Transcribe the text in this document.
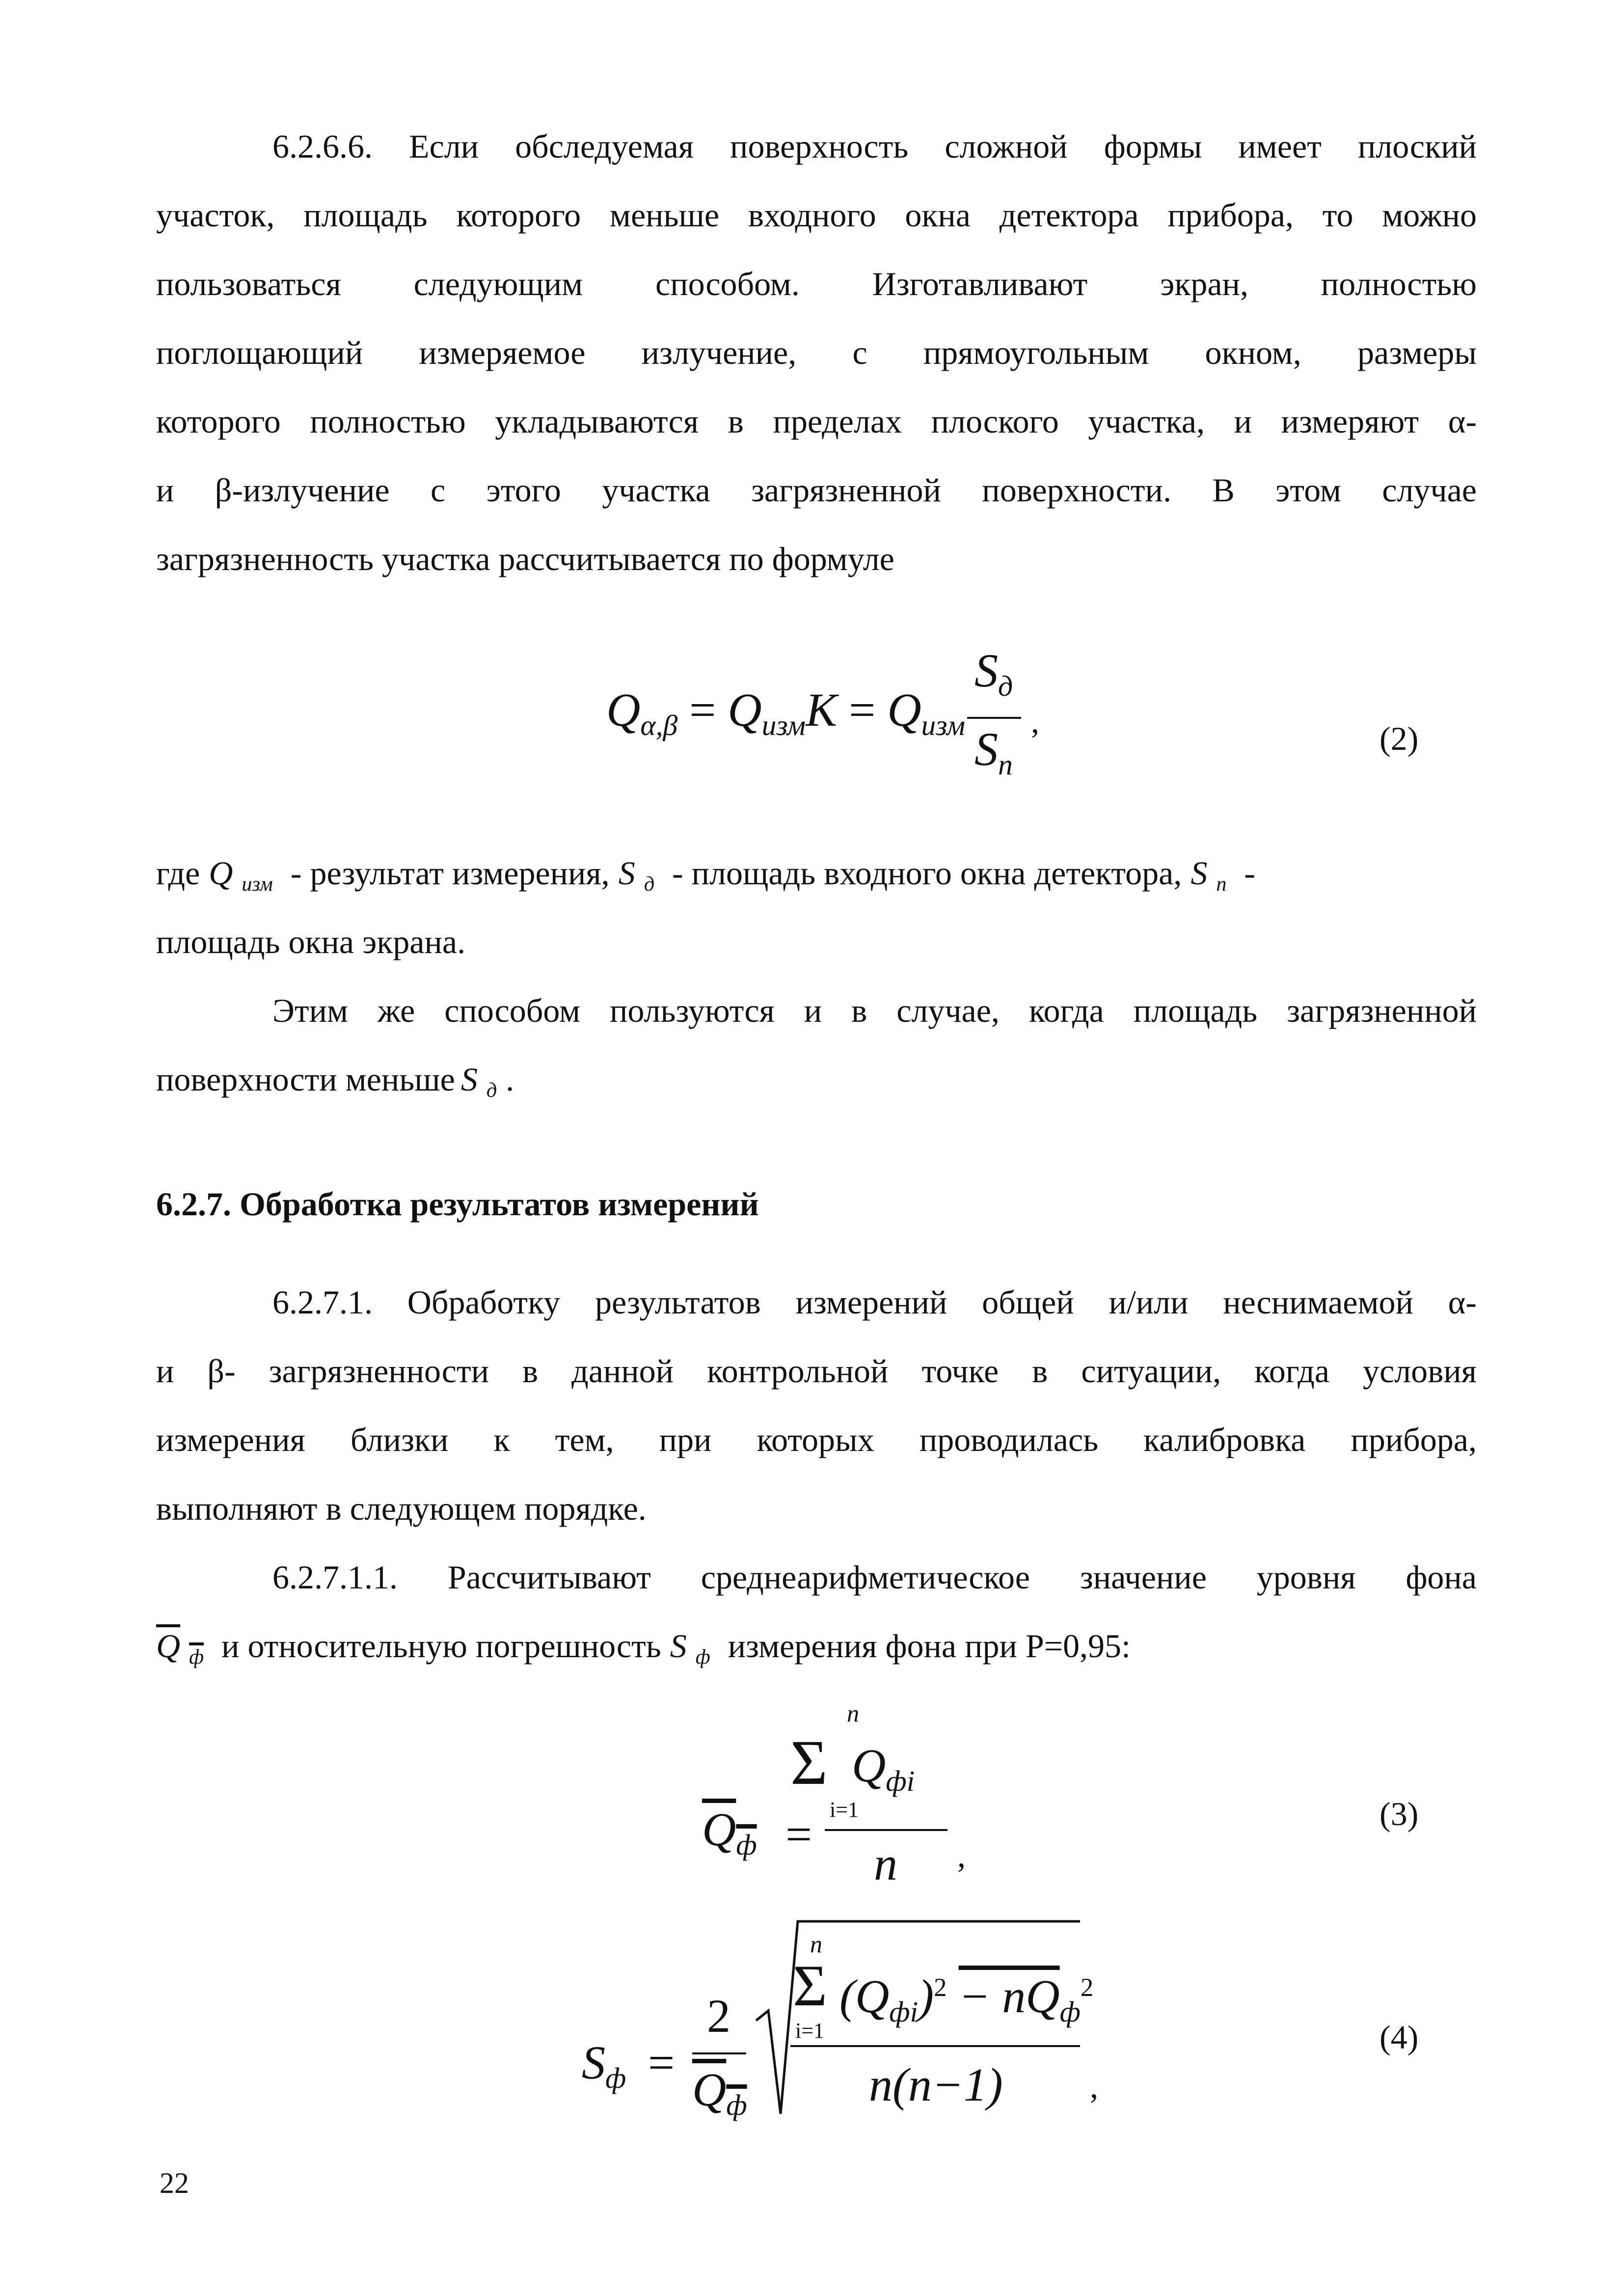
6.2.6.6. Если обследуемая поверхность сложной формы имеет плоский
участок, площадь которого меньше входного окна детектора прибора, то можно
пользоваться следующим способом. Изготавливают экран, полностью
поглощающий измеряемое излучение, с прямоугольным окном, размеры
которого полностью укладываются в пределах плоского участка, и измеряют α-
и β-излучение с этого участка загрязненной поверхности. В этом случае
загрязненность участка рассчитывается по формуле
$Q_{\alpha,\beta} = Q_{изм}K = Q_{изм}$
$S_д$
$S_п$
,	(2)
где Q $_{изм}$ - результат измерения, S $_д$ - площадь входного окна детектора, S $_п$ -
площадь окна экрана.
Этим же способом пользуются и в случае, когда площадь загрязненной
поверхности меньше S $_д$ .
6.2.7. Обработка результатов измерений
6.2.7.1. Обработку результатов измерений общей и/или неснимаемой α-
и β- загрязненности в данной контрольной точке в ситуации, когда условия
измерения близки к тем, при которых проводилась калибровка прибора,
выполняют в следующем порядке.
6.2.7.1.1. Рассчитывают среднеарифметическое значение уровня фона
Q $_ф$ и относительную погрешность S $_ф$ измерения фона при Р=0,95:
n
Σ $Q_{фi}$
i=1
$Q_ф$ =
n ,
(3)
$S_ф$ =
2
$Q_ф$
n
Σ
i=1
$(Q_{фi})^2 - nQ_ф^2$
n(n−1)	,
(4)
22
